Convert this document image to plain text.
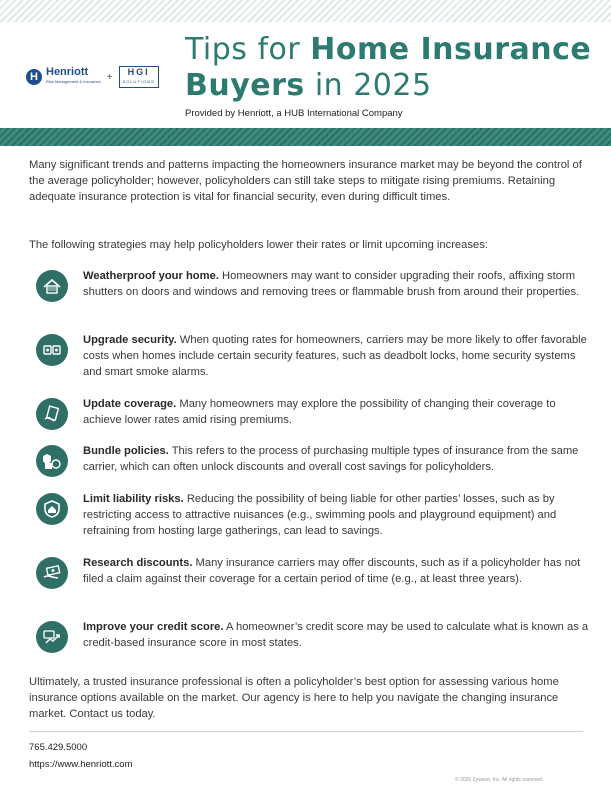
H Henriott
Risk Management & Insurance +	HGI
SOLUTIONS
Tips for Home Insurance
Buyers in 2025
Provided by Henriott, a HUB International Company
Many significant trends and patterns impacting the homeowners insurance market may be beyond the control of the average policyholder; however, policyholders can still take steps to mitigate rising premiums. Retaining adequate insurance protection is vital for financial security, even during difficult times.
The following strategies may help policyholders lower their rates or limit upcoming increases:
Weatherproof your home. Homeowners may want to consider upgrading their roofs, affixing storm shutters on doors and windows and removing trees or flammable brush from around their properties.
Upgrade security. When quoting rates for homeowners, carriers may be more likely to offer favorable costs when homes include certain security features, such as deadbolt locks, home security systems and smart smoke alarms.
Update coverage. Many homeowners may explore the possibility of changing their coverage to achieve lower rates amid rising premiums.
Bundle policies. This refers to the process of purchasing multiple types of insurance from the same carrier, which can often unlock discounts and overall cost savings for policyholders.
Limit liability risks. Reducing the possibility of being liable for other parties’ losses, such as by restricting access to attractive nuisances (e.g., swimming pools and playground equipment) and refraining from hosting large gatherings, can lead to savings.
Research discounts. Many insurance carriers may offer discounts, such as if a policyholder has not filed a claim against their coverage for a certain period of time (e.g., at least three years).
Improve your credit score. A homeowner’s credit score may be used to calculate what is known as a credit-based insurance score in most states.
Ultimately, a trusted insurance professional is often a policyholder’s best option for assessing various home insurance options available on the market. Our agency is here to help you navigate the changing insurance market. Contact us today.
765.429.5000
https://www.henriott.com
© 2025 Zywave, Inc. All rights reserved.
